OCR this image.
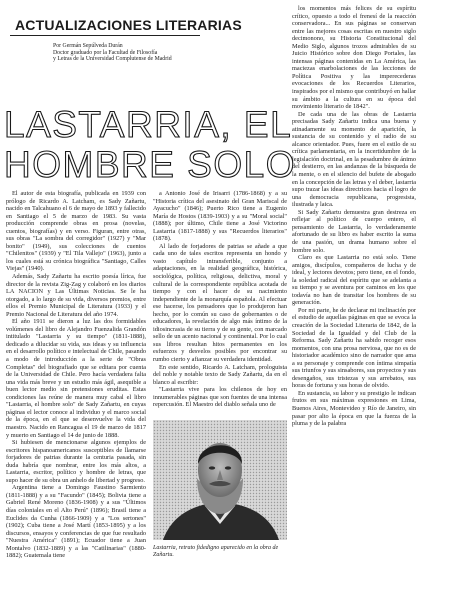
ACTUALIZACIONES LITERARIAS
Por Germán Sepúlveda Durán
Doctor graduado por la Facultad de Filosofía
y Letras de la Universidad Complutense de Madrid
LASTARRIA, EL
HOMBRE SOLO

El autor de esta biografía, publicada en 1939 con prólogo de Ricardo A. Latcham, es Sady Zañartu, nacido en Talcahuano el 6 de mayo de 1893 y fallecido en Santiago el 5 de marzo de 1983. Su vasta producción comprende obras en prosa (novelas, cuentos, biografías) y en verso. Figuran, entre otras, sus obras "La sombra del corregidor" (1927) y "Mar bonito" (1949), sus colecciones de cuentos "Chilenitos" (1939) y "El Tila Vallejo" (1963), junto a los cuales está su crónica biográfica "Santiago, Calles Viejas" (1940).

Además, Sady Zañartu ha escrito poesía lírica, fue director de la revista Zig-Zag y colaboró en los diarios LA NACION y Las Últimas Noticias. Se le ha otorgado, a lo largo de su vida, diversos premios, entre ellos el Premio Municipal de Literatura (1933) y el Premio Nacional de Literatura del año 1974.

El año 1911 se dieron a luz las dos formidables volúmenes del libro de Alejandro Fuenzalida Grandón intitulado "Lastarria y su tiempo" (1811-1888), dedicado a dilucidar su vida, sus ideas y su influencia en el desarrollo político e intelectual de Chile, pasando a modo de introducción a la serie de "Obras Completas" del biografiado que se editara por cuenta de la Universidad de Chile. Pero hacía verdadera falta una vida más breve y un estudio más ágil, asequible a buen lector medio sin pretensiones eruditas. Estas condiciones las reúne de manera muy cabal el libro "Lastarria, el hombre solo" de Sady Zañartu, en cuyas páginas el lector conoce al individuo y el marco social de la época, en el que se desenvuelve la vida del maestro. Nacido en Rancagua el 19 de marzo de 1817 y muerto en Santiago el 14 de junio de 1888.

Si hubiesen de mencionarse algunos ejemplos de escritores hispanoamericanos susceptibles de llamarse forjadores de patrias durante la centuria pasada, sin duda habría que nombrar, entre los más altos, a Lastarria, escritor, político y hombre de letras, que supo hacer de su obra un anhelo de libertad y progreso.

Argentina tiene a Domingo Faustino Sarmiento (1811-1888) y a su "Facundo" (1845); Bolivia tiene a Gabriel René Moreno (1836-1908) y a sus "Últimos días coloniales en el Alto Perú" (1896); Brasil tiene a Euclides da Cunha (1866-1909) y a "Los sertones" (1902); Cuba tiene a José Martí (1853-1895) y a los discursos, ensayos y conferencias de que fue resultado "Nuestra América" (1891); Ecuador tiene a Juan Montalvo (1832-1889) y a las "Catilinarias" (1880-1882); Guatemala tiene

a Antonio José de Irisarri (1786-1868) y a su "Historia crítica del asesinato del Gran Mariscal de Ayacucho" (1846); Puerto Rico tiene a Eugenio María de Hostos (1839-1903) y a su "Moral social" (1888); por último, Chile tiene a José Victorino Lastarria (1817-1888) y sus "Recuerdos literarios" (1878).

Al lado de forjadores de patrias se añade a que cada uno de tales escritos representa un hondo y vasto capítulo intransferible, conjunto a adaptaciones, en la realidad geográfica, histórica, sociológica, política, religiosa, delictiva, moral y cultural de la correspondiente república acotada de tiempo y con el hacer de su nacimiento independiente de la monarquía española. Al efectuar ese hacerse, los pensadores que lo produjeron han hecho, por lo común su caso de gobernantes o de educadores, la revelación de algo más íntimo de la idiosincrasia de su tierra y de su gente, con marcado sello de un acento nacional y continental. Por lo cual sus libros resultan hitos permanentes en los esfuerzos y desvelos posibles por encontrar su rumbo cierto y afianzar su verdadera identidad.

En este sentido, Ricardo A. Latcham, prologuista del noble y notable texto de Sady Zañartu, da en el blanco al escribir:

"Lastarria vive para los chilenos de hoy en innumerables páginas que son fuentes de una intensa repercusión. El Maestro del diablo señala uno de

Lastarria, retrato fidedigno aparecido en la obra de Zañartu.

los momentos más felices de su espíritu crítico, opuesto a todo el frenesí de la reacción conservadora... En sus páginas se conservan entre las mejores cosas escritas en nuestro siglo decimonono, su Historia Constitucional del Medio Siglo, algunos trozos admirables de su Juicio Histórico sobre don Diego Portales, las intensas páginas contenidas en La América, las maciezas enarbolaciones de las lecciones de Política Positiva y las imperecederas evocaciones de los Recuerdos Literarios, inspirados por el mismo que contribuyó en hallar su ámbito a la cultura en su época del movimiento literario de 1842".

De cada una de las obras de Lastarria precisadas Sady Zañartu indica una buena y atinadamente su momento de aparición, la sustancia de su contenido y el radio de su alcance orientador. Pues, fuere en el estilo de su crítica parlamentaria, en la incertidumbre de la legislación doctrinal, en la pesadumbre de ánimo del destierro, en las andanzas de la búsqueda de la mente, o en el silencio del bufete de abogado en la concepción de las letras y el deber, lastarria supo trazar las ideas directrices hacia el logro de una democracia republicana, progresista, ilustrada y laica.

Si Sady Zañartu demuestra gran destreza en reflejar al político de cuerpo entero, el pensamiento de Lastarria, lo verdaderamente afortunado de su libro es haber escrito la suma de una pasión, un drama humano sobre el hombre solo.

Claro es que Lastarria no está solo. Tiene amigos, discípulos, compañeros de lucha y de ideal, y lectores devotos; pero tiene, en el fondo, la soledad radical del espíritu que se adelanta a su tiempo y se aventura por caminos en los que todavía no han de transitar los hombres de su generación.

Por mi parte, he de declarar mi inclinación por el estudio de aquellas páginas en que se evoca la creación de la Sociedad Literaria de 1842, de la Sociedad de la Igualdad y del Club de la Reforma. Sady Zañartu ha sabido recoger esos momentos, con una prosa nerviosa, que no es de historiador académico sino de narrador que ama a su personaje y comprende con íntima simpatía sus triunfos y sus sinsabores, sus proyectos y sus desengaños, sus tristezas y sus arrebatos, sus horas de fortuna y sus horas de olvido.

En sustancia, su labor y su prestigio le indican frutos en sus máximas expresiones en Lima, Buenos Aires, Montevideo y Río de Janeiro, sin pasar por alto la época en que la fuerza de la pluma y de la palabra
